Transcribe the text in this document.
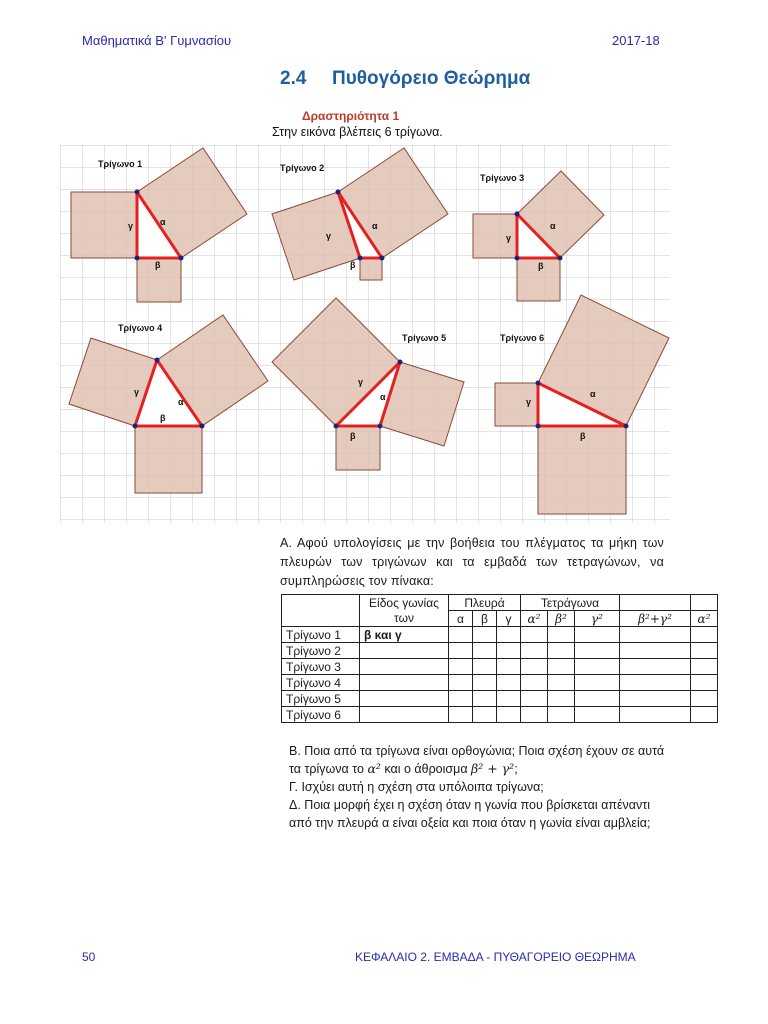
Μαθηματικά Β' Γυμνασίου	2017-18
2.4 Πυθογόρειο Θεώρημα
Δραστηριότητα 1
Στην εικόνα βλέπεις 6 τρίγωνα.
Τρίγωνο 1
α
β
γ
Τρίγωνο 2
α
β
γ
Τρίγωνο 3
α
β
γ
Τρίγωνο 4
α
β
γ
Τρίγωνο 5
α
β
γ
Τρίγωνο 6
α
β
γ
Α. Αφού υπολογίσεις με την βοήθεια του πλέγματος τα μήκη των πλευρών των τριγώνων και τα εμβαδά των τετραγώνων, να συμπληρώσεις τον πίνακα:
	Είδος γωνίας των	Πλευρά			Τετράγωνα				
		α	β	γ	α²	β²	γ²	β²+γ²	α²
Τρίγωνο 1	β και γ								
Τρίγωνο 2									
Τρίγωνο 3									
Τρίγωνο 4									
Τρίγωνο 5									
Τρίγωνο 6									

Β. Ποια από τα τρίγωνα είναι ορθογώνια; Ποια σχέση έχουν σε αυτά τα τρίγωνα το α² και ο άθροισμα β² + γ²;

Γ. Ισχύει αυτή η σχέση στα υπόλοιπα τρίγωνα;

Δ. Ποια μορφή έχει η σχέση όταν η γωνία που βρίσκεται απέναντι από την πλευρά α είναι οξεία και ποια όταν η γωνία είναι αμβλεία;

50	ΚΕΦΑΛΑΙΟ 2. ΕΜΒΑΔΑ - ΠΥΘΑΓΟΡΕΙΟ ΘΕΩΡΗΜΑ
